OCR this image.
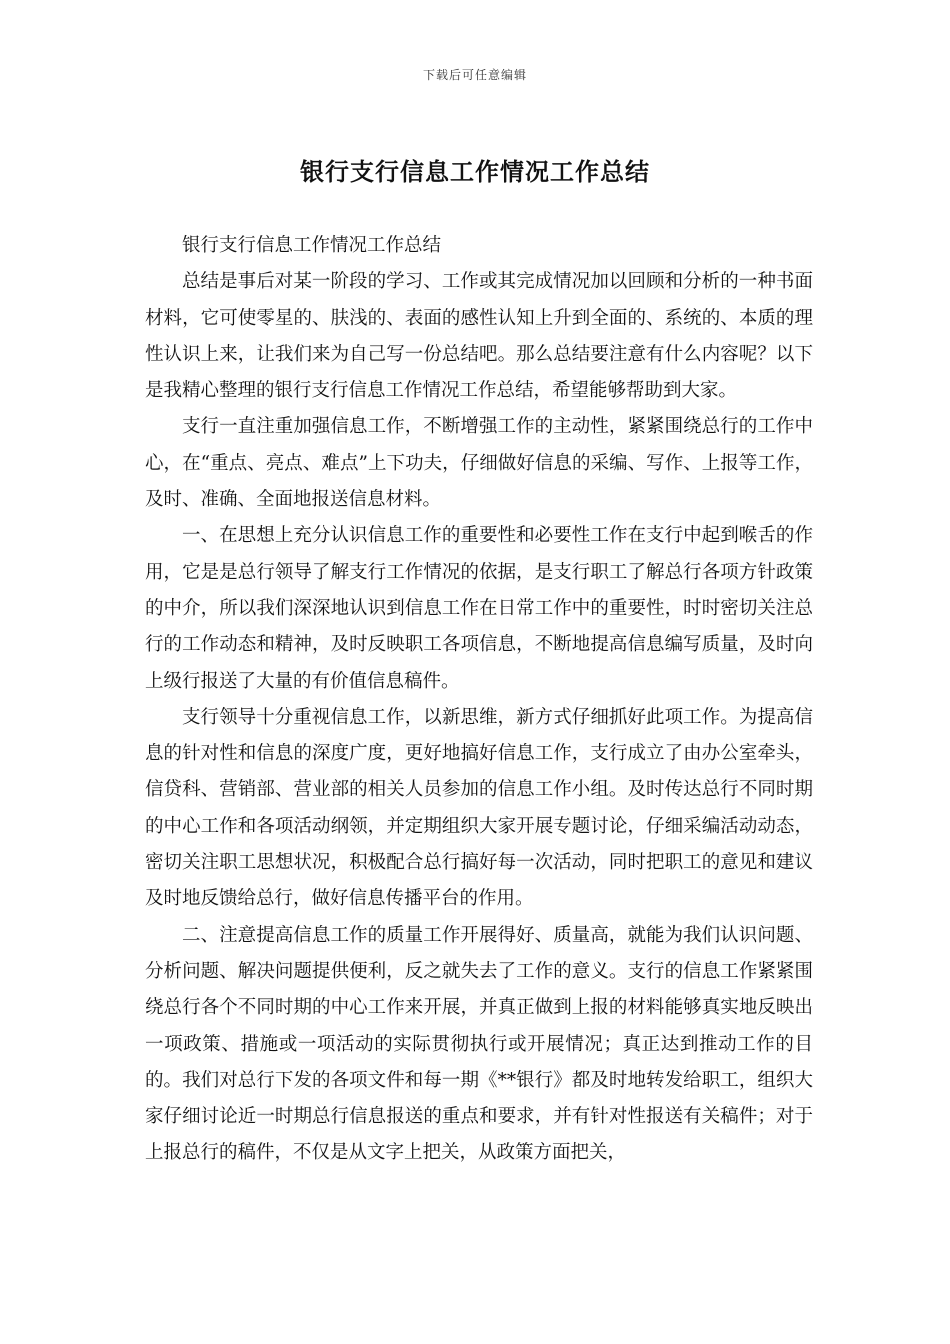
下载后可任意编辑
银行支行信息工作情况工作总结

银行支行信息工作情况工作总结

总结是事后对某一阶段的学习、工作或其完成情况加以回顾和分析的一种书面材料，它可使零星的、肤浅的、表面的感性认知上升到全面的、系统的、本质的理性认识上来，让我们来为自己写一份总结吧。那么总结要注意有什么内容呢？以下是我精心整理的银行支行信息工作情况工作总结，希望能够帮助到大家。

支行一直注重加强信息工作，不断增强工作的主动性，紧紧围绕总行的工作中心，在“重点、亮点、难点”上下功夫，仔细做好信息的采编、写作、上报等工作，及时、准确、全面地报送信息材料。

一、在思想上充分认识信息工作的重要性和必要性工作在支行中起到喉舌的作用，它是是总行领导了解支行工作情况的依据，是支行职工了解总行各项方针政策的中介，所以我们深深地认识到信息工作在日常工作中的重要性，时时密切关注总行的工作动态和精神，及时反映职工各项信息，不断地提高信息编写质量，及时向上级行报送了大量的有价值信息稿件。

支行领导十分重视信息工作，以新思维，新方式仔细抓好此项工作。为提高信息的针对性和信息的深度广度，更好地搞好信息工作，支行成立了由办公室牵头，信贷科、营销部、营业部的相关人员参加的信息工作小组。及时传达总行不同时期的中心工作和各项活动纲领，并定期组织大家开展专题讨论，仔细采编活动动态，密切关注职工思想状况，积极配合总行搞好每一次活动，同时把职工的意见和建议及时地反馈给总行，做好信息传播平台的作用。

二、注意提高信息工作的质量工作开展得好、质量高，就能为我们认识问题、分析问题、解决问题提供便利，反之就失去了工作的意义。支行的信息工作紧紧围绕总行各个不同时期的中心工作来开展，并真正做到上报的材料能够真实地反映出一项政策、措施或一项活动的实际贯彻执行或开展情况；真正达到推动工作的目的。我们对总行下发的各项文件和每一期《**银行》都及时地转发给职工，组织大家仔细讨论近一时期总行信息报送的重点和要求，并有针对性报送有关稿件；对于上报总行的稿件，不仅是从文字上把关，从政策方面把关，
